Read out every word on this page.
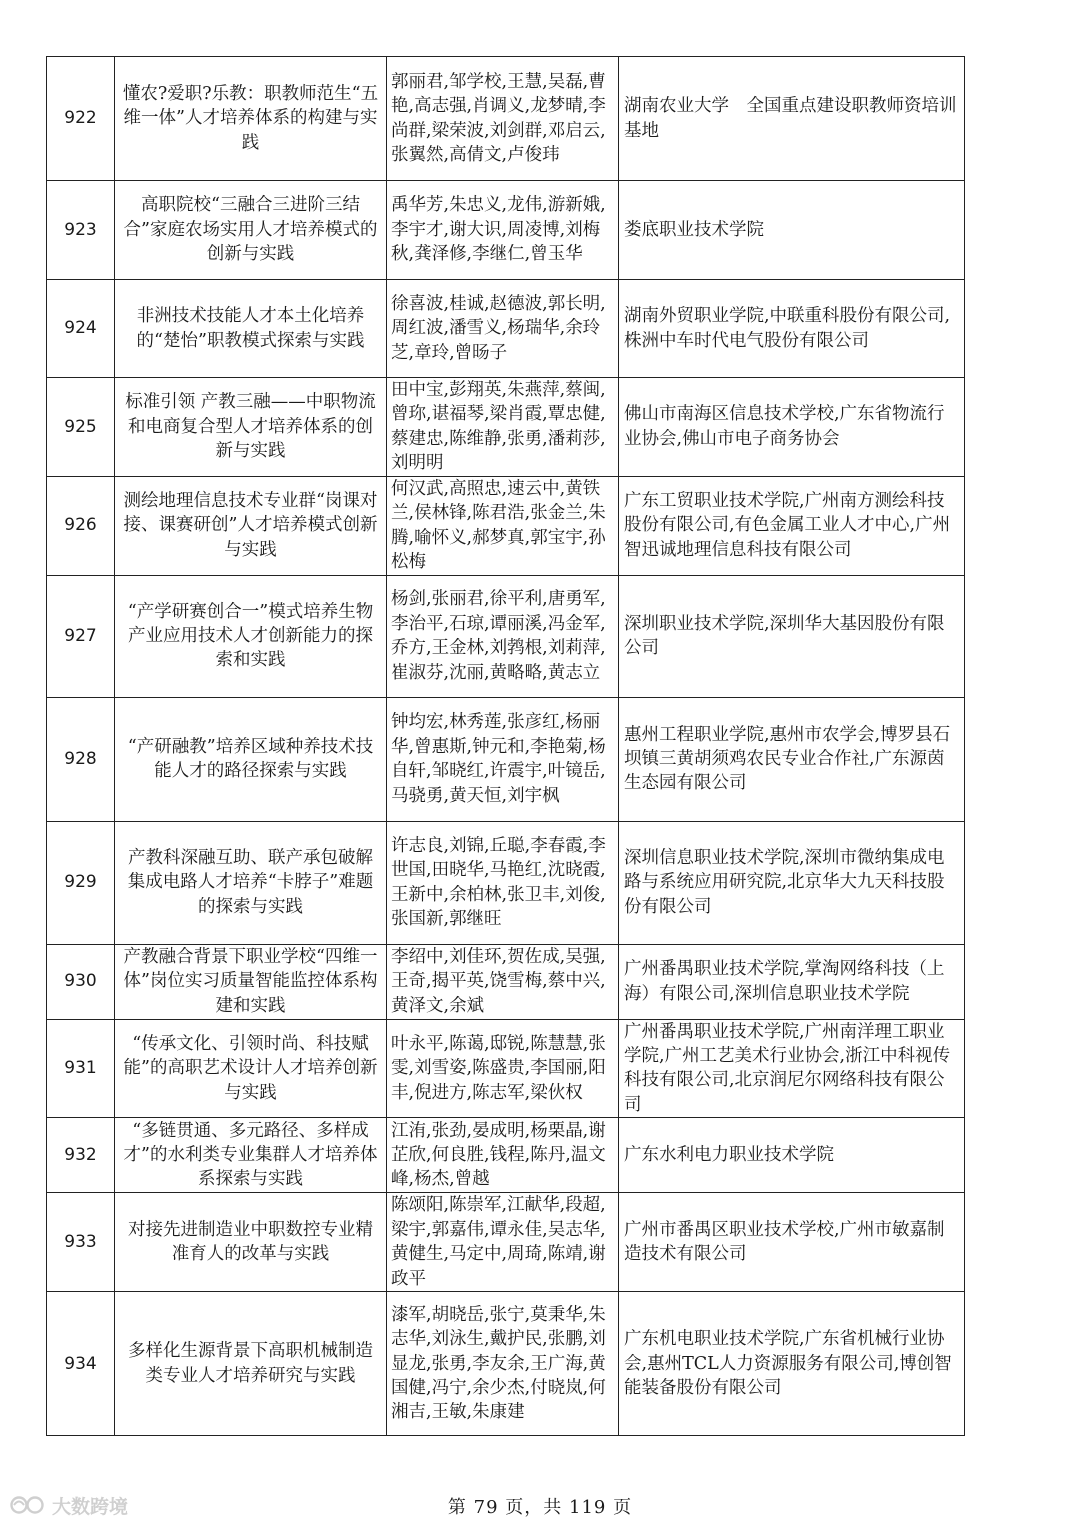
922	懂农?爱职?乐教：职教师范生“五维一体”人才培养体系的构建与实践	郭丽君,邹学校,王慧,吴磊,曹艳,高志强,肖调义,龙梦晴,李尚群,梁荣波,刘剑群,邓启云,张翼然,高倩文,卢俊玮	湖南农业大学　全国重点建设职教师资培训基地
923	高职院校“三融合三进阶三结合”家庭农场实用人才培养模式的创新与实践	禹华芳,朱忠义,龙伟,游新娥,李宇才,谢大识,周凌博,刘梅秋,龚泽修,李继仁,曾玉华	娄底职业技术学院
924	非洲技术技能人才本土化培养的“楚怡”职教模式探索与实践	徐喜波,桂诚,赵德波,郭长明,周红波,潘雪义,杨瑞华,余玲芝,章玲,曾旸子	湖南外贸职业学院,中联重科股份有限公司,株洲中车时代电气股份有限公司
925	标准引领 产教三融——中职物流和电商复合型人才培养体系的创新与实践	田中宝,彭翔英,朱燕萍,蔡闽,曾珎,谌福琴,梁肖霞,覃忠健,蔡建忠,陈维静,张勇,潘莉莎,刘明明	佛山市南海区信息技术学校,广东省物流行业协会,佛山市电子商务协会
926	测绘地理信息技术专业群“岗课对接、课赛研创”人才培养模式创新与实践	何汉武,高照忠,速云中,黄铁兰,侯林锋,陈君浩,张金兰,朱腾,喻怀义,郝梦真,郭宝宇,孙松梅	广东工贸职业技术学院,广州南方测绘科技股份有限公司,有色金属工业人才中心,广州智迅诚地理信息科技有限公司
927	“产学研赛创合一”模式培养生物产业应用技术人才创新能力的探索和实践	杨剑,张丽君,徐平利,唐勇军,李治平,石琼,谭丽溪,冯金军,乔方,王金林,刘鹁根,刘莉萍,崔淑芬,沈丽,黄略略,黄志立	深圳职业技术学院,深圳华大基因股份有限公司
928	“产研融教”培养区域种养技术技能人才的路径探索与实践	钟均宏,林秀莲,张彦红,杨丽华,曾惠斯,钟元和,李艳菊,杨自轩,邹晓红,许震宇,叶镜岳,马骁勇,黄天恒,刘宇枫	惠州工程职业学院,惠州市农学会,博罗县石坝镇三黄胡须鸡农民专业合作社,广东源茵生态园有限公司
929	产教科深融互助、联产承包破解集成电路人才培养“卡脖子”难题的探索与实践	许志良,刘锦,丘聪,李春霞,李世国,田晓华,马艳红,沈晓霞,王新中,余柏林,张卫丰,刘俊,张国新,郭继旺	深圳信息职业技术学院,深圳市微纳集成电路与系统应用研究院,北京华大九天科技股份有限公司
930	产教融合背景下职业学校“四维一体”岗位实习质量智能监控体系构建和实践	李绍中,刘佳环,贺佐成,吴强,王奇,揭平英,饶雪梅,蔡中兴,黄泽文,余斌	广州番禺职业技术学院,掌淘网络科技（上海）有限公司,深圳信息职业技术学院
931	“传承文化、引领时尚、科技赋能”的高职艺术设计人才培养创新与实践	叶永平,陈蔼,邸锐,陈慧慧,张雯,刘雪姿,陈盛贵,李国丽,阳丰,倪进方,陈志军,梁伙权	广州番禺职业技术学院,广州南洋理工职业学院,广州工艺美术行业协会,浙江中科视传科技有限公司,北京润尼尔网络科技有限公司
932	“多链贯通、多元路径、多样成才”的水利类专业集群人才培养体系探索与实践	江洧,张劲,晏成明,杨栗晶,谢芷欣,何良胜,钱程,陈丹,温文峰,杨杰,曾越	广东水利电力职业技术学院
933	对接先进制造业中职数控专业精准育人的改革与实践	陈颂阳,陈崇军,江献华,段超,梁宇,郭嘉伟,谭永佳,吴志华,黄健生,马定中,周琦,陈靖,谢政平	广州市番禺区职业技术学校,广州市敏嘉制造技术有限公司
934	多样化生源背景下高职机械制造类专业人才培养研究与实践	漆军,胡晓岳,张宁,莫秉华,朱志华,刘泳生,戴护民,张鹏,刘显龙,张勇,李友余,王广海,黄国健,冯宁,余少杰,付晓岚,何湘吉,王敏,朱康建	广东机电职业技术学院,广东省机械行业协会,惠州TCL人力资源服务有限公司,博创智能装备股份有限公司
大数跨境	第 79 页，共 119 页
